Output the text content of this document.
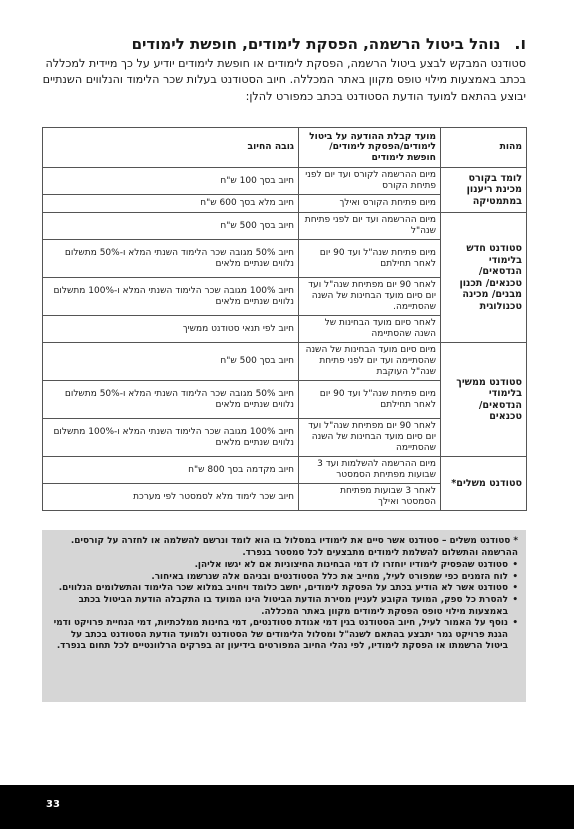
ו.
נוהל ביטול הרשמה, הפסקת לימודים, חופשת לימודים

סטודנט המבקש לבצע ביטול הרשמה, הפסקת לימודים או חופשת לימודים יודיע על כך מיידית למכללה בכתב באמצעות מילוי טופס מקוון באתר המכללה. חיוב הסטודנט בעלות שכר הלימוד והנלווים השנתיים יבוצע בהתאם למועד הודעת הסטודנט בכתב כמפורט להלן:

מהות	מועד קבלת ההודעה על ביטול לימודים/הפסקת לימודים/ חופשת לימודים	גובה החיוב
לומד בקורס מכינת ריענון במתמטיקה	מיום ההרשמה לקורס ועד יום לפני פתיחת הקורס	חיוב בסך 100 ש"ח
	מיום פתיחת הקורס ואילך	חיוב מלא בסך 600 ש"ח
סטודנט חדש בלימודי הנדסאים/ טכנאים/ תכנון מבנים/ מכינה טכנולוגית	מיום ההרשמה ועד יום לפני פתיחת שנה"ל	חיוב בסך 500 ש"ח
	מיום פתיחת שנה"ל ועד 90 יום לאחר תחילתם	חיוב 50% מגובה שכר הלימוד השנתי המלא ו-50% מתשלום נלווים שנתיים מלאים
	לאחר 90 יום מפתיחת שנה"ל ועד יום סיום מועד הבחינות של השנה שהסתיימה.	חיוב 100% מגובה שכר הלימוד השנתי המלא ו-100% מתשלום נלווים שנתיים מלאים
	לאחר סיום מועד הבחינות של השנה שהסתיימה	חיוב לפי תנאי סטודנט ממשיך
סטודנט ממשיך בלימודי הנדסאים/ טכנאים	מיום סיום מועד הבחינות של השנה שהסתיימה ועד יום לפני פתיחת שנה"ל העוקבת	חיוב בסך 500 ש"ח
	מיום פתיחת שנה"ל ועד 90 יום לאחר תחילתם	חיוב 50% מגובה שכר הלימוד השנתי המלא ו-50% מתשלום נלווים שנתיים מלאים
	לאחר 90 יום מפתיחת שנה"ל ועד יום סיום מועד הבחינות של השנה שהסתיימה	חיוב 100% מגובה שכר הלימוד השנתי המלא ו-100% מתשלום נלווים שנתיים מלאים
סטודנט משלים*	מיום ההרשמה להשלמות ועד 3 שבועות מפתיחת הסמסטר	חיוב מקדמה בסך 800 ש"ח
	לאחר 3 שבועות מפתיחת הסמסטר ואילך	חיוב שכר לימוד מלא לסמסטר לפי מערכת

* סטודנט משלים – סטודנט אשר סיים את לימודיו במסלול בו הוא לומד ונרשם להשלמה או לחזרה על קורסים. ההרשמה והתשלום להשלמת לימודים מתבצעים לכל סמסטר בנפרד.

• סטודנט שהפסיק לימודיו יוחזרו לו דמי הבחינות החיצוניות אם לא יגשו אליהן.
• לוח הזמנים כפי שמפורט לעיל, מחייב את כלל הסטודנטים ובניהם אלה שנרשמו באיחור.
• סטודנט אשר לא הודיע בכתב על הפסקת לימודים, יחשב כלומד ויחויב במלוא שכר הלימוד והתשלומים הנלווים.
• להסרת כל ספק, המועד הקובע לעניין מסירת הודעת הביטול הינו המועד בו התקבלה הודעת הביטול בכתב באמצעות מילוי טופס הפסקת לימודים מקוון באתר המכללה.
• נוסף על האמור לעיל, חיוב הסטודנט בגין דמי אגודת סטודנטים, דמי בחינות ממלכתיות, דמי הנחיית פרויקט ודמי הגנת פרויקט גמר יתבצע בהתאם לשנה"ל ומסלול הלימודים של הסטודנט ולמועד הודעת הסטודנט בכתב על ביטול הרשמתו או הפסקת לימודיו, לפי נהלי החיוב המפורטים בידיעון זה בפרקים הרלוונטיים לכל תחום בנפרד.
33
